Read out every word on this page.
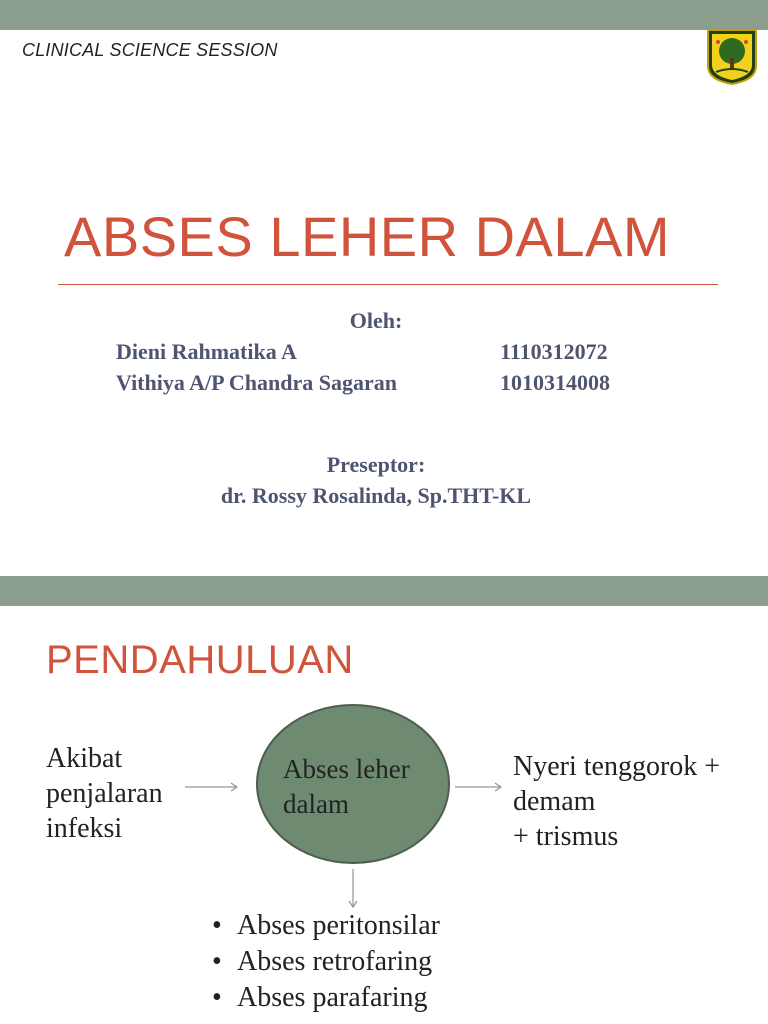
CLINICAL SCIENCE SESSION
ABSES LEHER DALAM
Oleh:
Dieni Rahmatika A	1110312072
Vithiya A/P Chandra Sagaran	1010314008
Preseptor:
dr. Rossy Rosalinda, Sp.THT-KL
PENDAHULUAN
Akibat
penjalaran
infeksi
Abses leher
dalam
Nyeri tenggorok +
demam
+ trismus
• Abses peritonsilar
• Abses retrofaring
• Abses parafaring
